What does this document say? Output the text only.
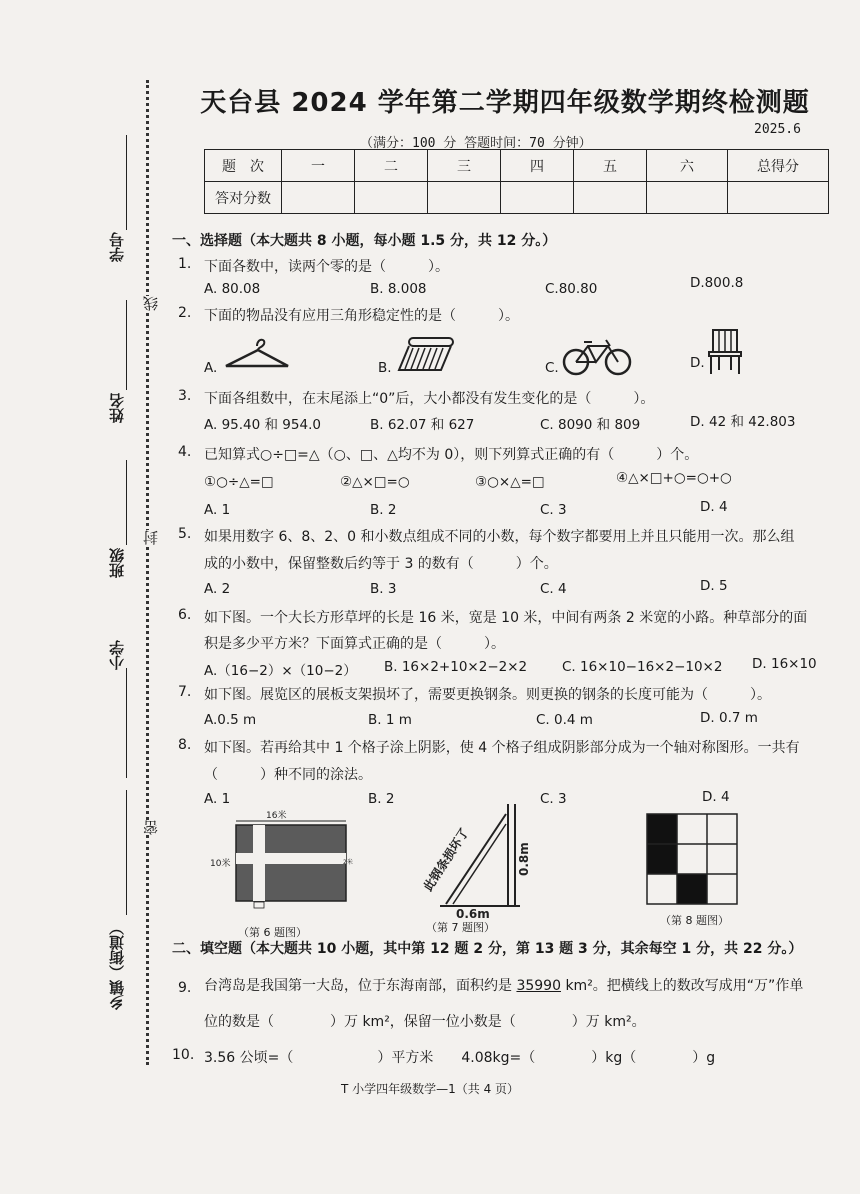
学号
姓名
班级
小学
乡镇（街道）
线
封
密
天台县 2024 学年第二学期四年级数学期终检测题
（满分：100 分 答题时间：70 分钟）
2025.6
题　次	一	二	三	四	五	六	总得分
答对分数							
一、选择题（本大题共 8 小题，每小题 1.5 分，共 12 分。）
1. 下面各数中，读两个零的是（　　　）。
A. 80.08	B. 8.008	C.80.80	D.800.8
2. 下面的物品没有应用三角形稳定性的是（　　　）。
A.	B.	C.	D.
3. 下面各组数中，在末尾添上“0”后，大小都没有发生变化的是（　　　）。
A. 95.40 和 954.0	B. 62.07 和 627	C. 8090 和 809	D. 42 和 42.803
4. 已知算式○÷□=△（○、□、△均不为 0），则下列算式正确的有（　　　）个。
①○÷△=□	②△×□=○	③○×△=□	④△×□+○=○+○
A. 1	B. 2	C. 3	D. 4
5. 如果用数字 6、8、2、0 和小数点组成不同的小数，每个数字都要用上并且只能用一次。那么组
成的小数中，保留整数后约等于 3 的数有（　　　）个。
A. 2	B. 3	C. 4	D. 5
6. 如下图。一个大长方形草坪的长是 16 米，宽是 10 米，中间有两条 2 米宽的小路。种草部分的面
积是多少平方米？下面算式正确的是（　　　）。
A.（16−2）×（10−2） B. 16×2+10×2−2×2	C. 16×10−16×2−10×2 D. 16×10
7. 如下图。展览区的展板支架损坏了，需要更换钢条。则更换的钢条的长度可能为（　　　）。
A.0.5 m	B. 1 m	C. 0.4 m	D. 0.7 m
8. 如下图。若再给其中 1 个格子涂上阴影，使 4 个格子组成阴影部分成为一个轴对称图形。一共有
（　　　）种不同的涂法。
A. 1	B. 2	C. 3	D. 4
16米
10米	2米
（第 6 题图）
此钢条损坏了	0.8m
0.6m
（第 7 题图）
（第 8 题图）
二、填空题（本大题共 10 小题，其中第 12 题 2 分，第 13 题 3 分，其余每空 1 分，共 22 分。）
9. 台湾岛是我国第一大岛，位于东海南部，面积约是 35990 km²。把横线上的数改写成用“万”作单
位的数是（　　　　）万 km²，保留一位小数是（　　　　）万 km²。
10. 3.56 公顷=（　　　　　　）平方米　　4.08kg=（　　　　）kg（　　　　）g
T 小学四年级数学—1（共 4 页）
